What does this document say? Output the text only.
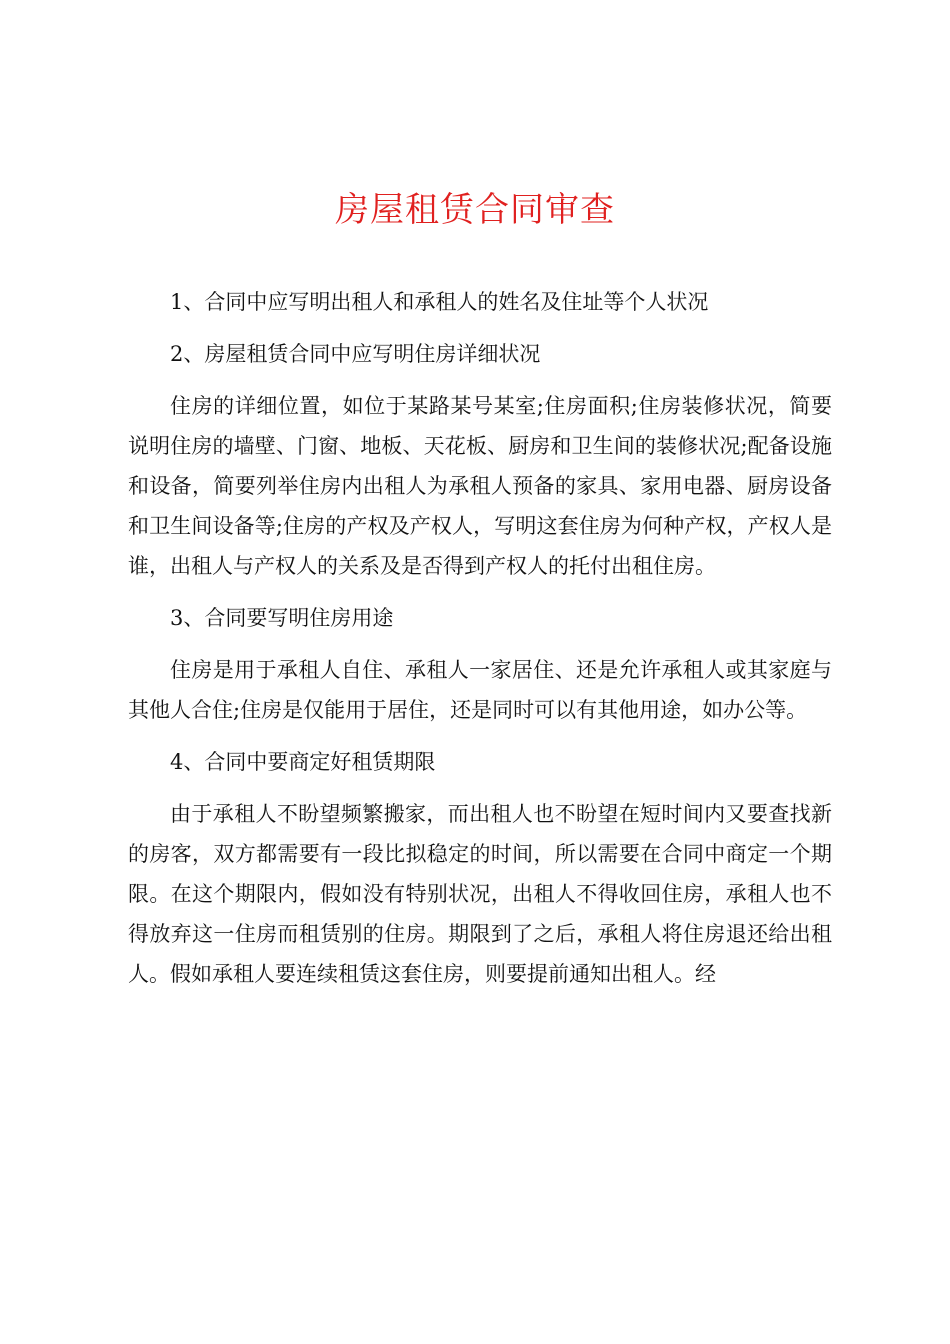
房屋租赁合同审查

1、合同中应写明出租人和承租人的姓名及住址等个人状况

2、房屋租赁合同中应写明住房详细状况

住房的详细位置，如位于某路某号某室;住房面积;住房装修状况，简要说明住房的墙壁、门窗、地板、天花板、厨房和卫生间的装修状况;配备设施和设备，简要列举住房内出租人为承租人预备的家具、家用电器、厨房设备和卫生间设备等;住房的产权及产权人，写明这套住房为何种产权，产权人是谁，出租人与产权人的关系及是否得到产权人的托付出租住房。

3、合同要写明住房用途

住房是用于承租人自住、承租人一家居住、还是允许承租人或其家庭与其他人合住;住房是仅能用于居住，还是同时可以有其他用途，如办公等。

4、合同中要商定好租赁期限

由于承租人不盼望频繁搬家，而出租人也不盼望在短时间内又要查找新的房客，双方都需要有一段比拟稳定的时间，所以需要在合同中商定一个期限。在这个期限内，假如没有特别状况，出租人不得收回住房，承租人也不得放弃这一住房而租赁别的住房。期限到了之后，承租人将住房退还给出租人。假如承租人要连续租赁这套住房，则要提前通知出租人。经
